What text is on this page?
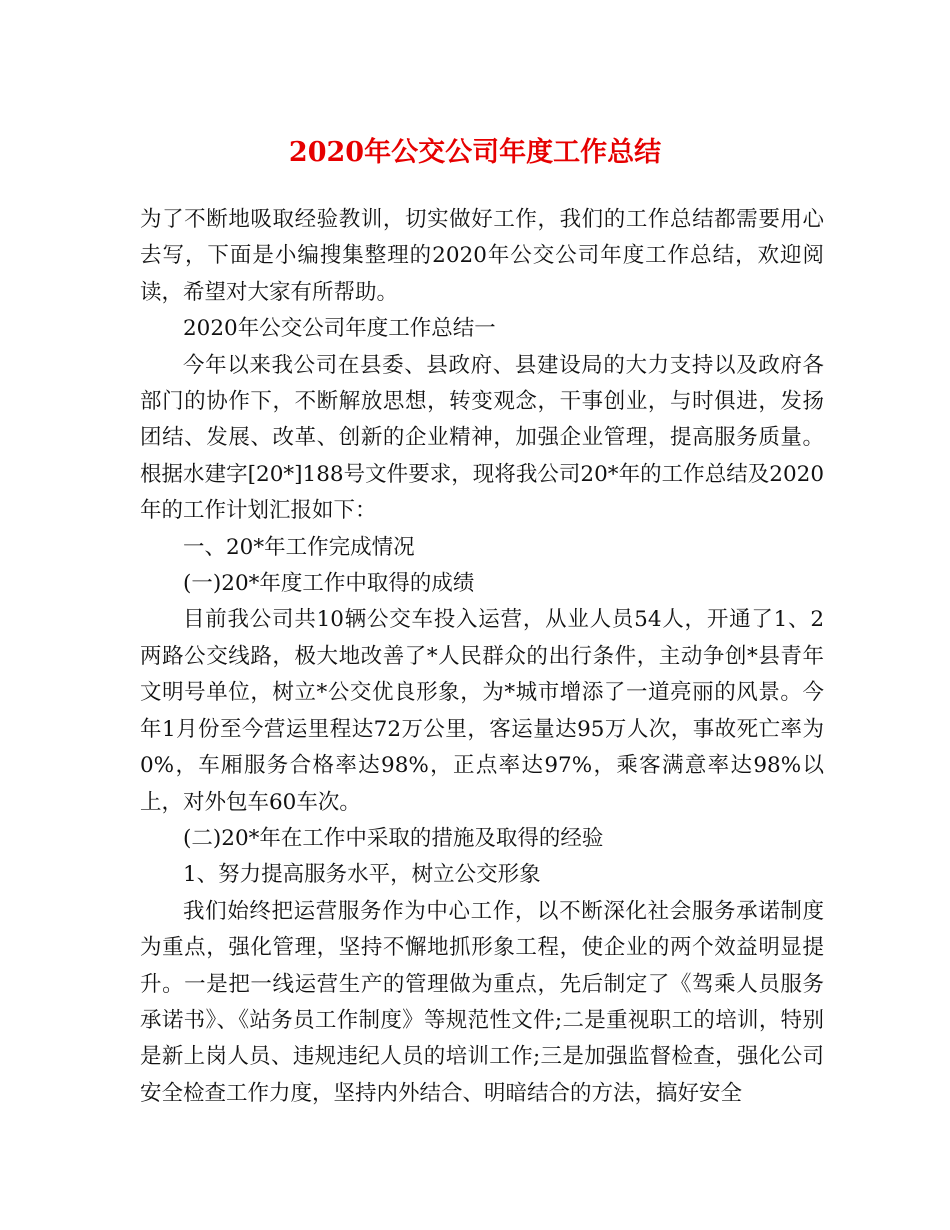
2020年公交公司年度工作总结

为了不断地吸取经验教训，切实做好工作，我们的工作总结都需要用心去写，下面是小编搜集整理的2020年公交公司年度工作总结，欢迎阅读，希望对大家有所帮助。

2020年公交公司年度工作总结一

今年以来我公司在县委、县政府、县建设局的大力支持以及政府各部门的协作下，不断解放思想，转变观念，干事创业，与时俱进，发扬团结、发展、改革、创新的企业精神，加强企业管理，提高服务质量。根据水建字[20*]188号文件要求，现将我公司20*年的工作总结及2020年的工作计划汇报如下：

一、20*年工作完成情况

(一)20*年度工作中取得的成绩

目前我公司共10辆公交车投入运营，从业人员54人，开通了1、2两路公交线路，极大地改善了*人民群众的出行条件，主动争创*县青年文明号单位，树立*公交优良形象，为*城市增添了一道亮丽的风景。今年1月份至今营运里程达72万公里，客运量达95万人次，事故死亡率为0%，车厢服务合格率达98%，正点率达97%，乘客满意率达98%以上，对外包车60车次。

(二)20*年在工作中采取的措施及取得的经验

1、努力提高服务水平，树立公交形象

我们始终把运营服务作为中心工作，以不断深化社会服务承诺制度为重点，强化管理，坚持不懈地抓形象工程，使企业的两个效益明显提升。一是把一线运营生产的管理做为重点，先后制定了《驾乘人员服务承诺书》、《站务员工作制度》等规范性文件;二是重视职工的培训，特别是新上岗人员、违规违纪人员的培训工作;三是加强监督检查，强化公司安全检查工作力度，坚持内外结合、明暗结合的方法，搞好安全
